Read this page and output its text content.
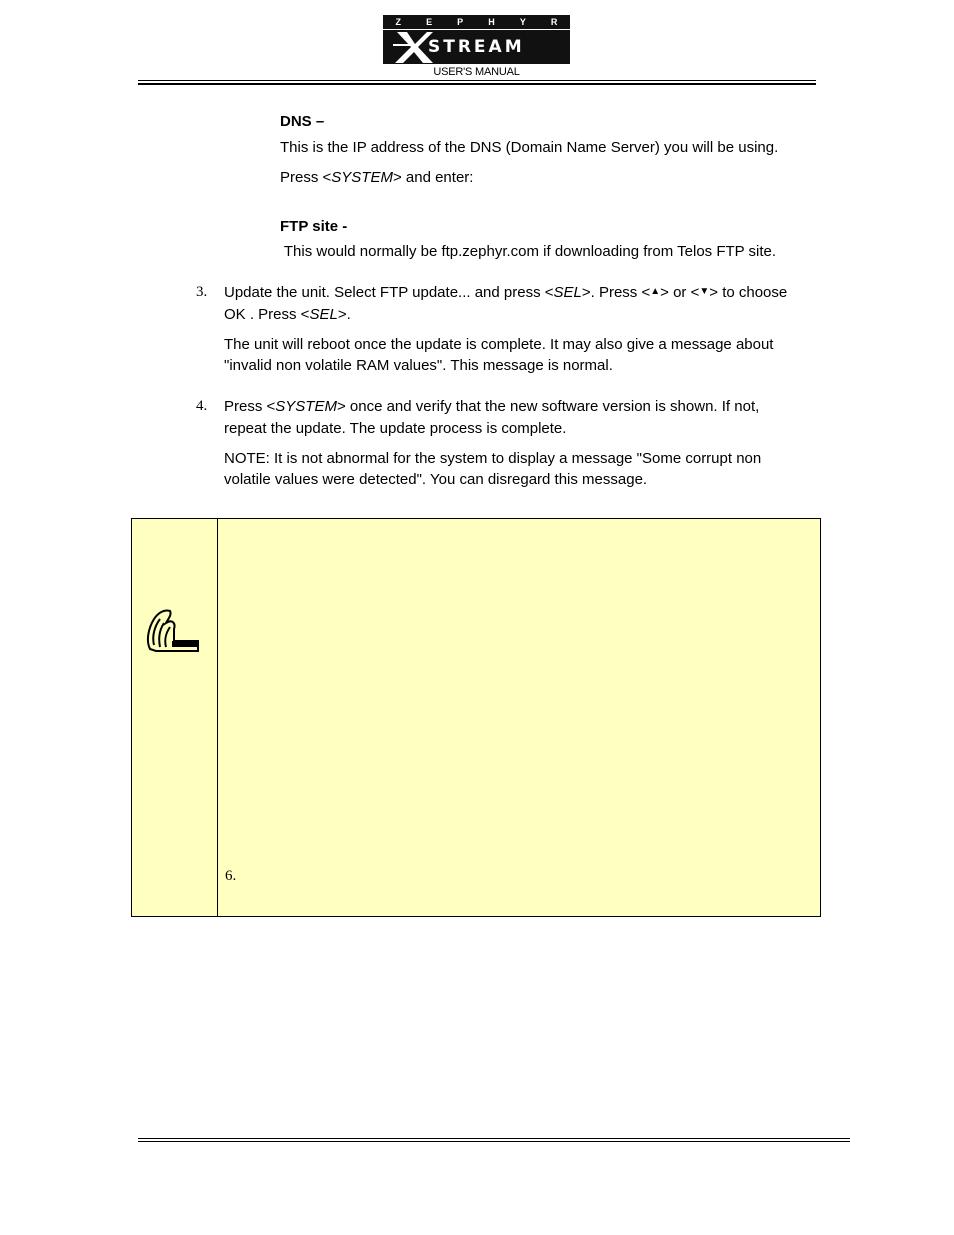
Z	E	P	H	Y	R
STREAM
USER'S MANUAL
DNS –
This is the IP address of the DNS (Domain Name Server) you will be using.
Press <SYSTEM> and enter:
FTP site -
This would normally be ftp.zephyr.com if downloading from Telos FTP site.
3. Update the unit. Select FTP update... and press <SEL>. Press <▲> or <▼> to choose
OK . Press <SEL>.
The unit will reboot once the update is complete. It may also give a message about
"invalid non volatile RAM values". This message is normal.
4. Press <SYSTEM> once and verify that the new software version is shown. If not,
repeat the update. The update process is complete.
NOTE: It is not abnormal for the system to display a message "Some corrupt non
volatile values were detected". You can disregard this message.
6.
